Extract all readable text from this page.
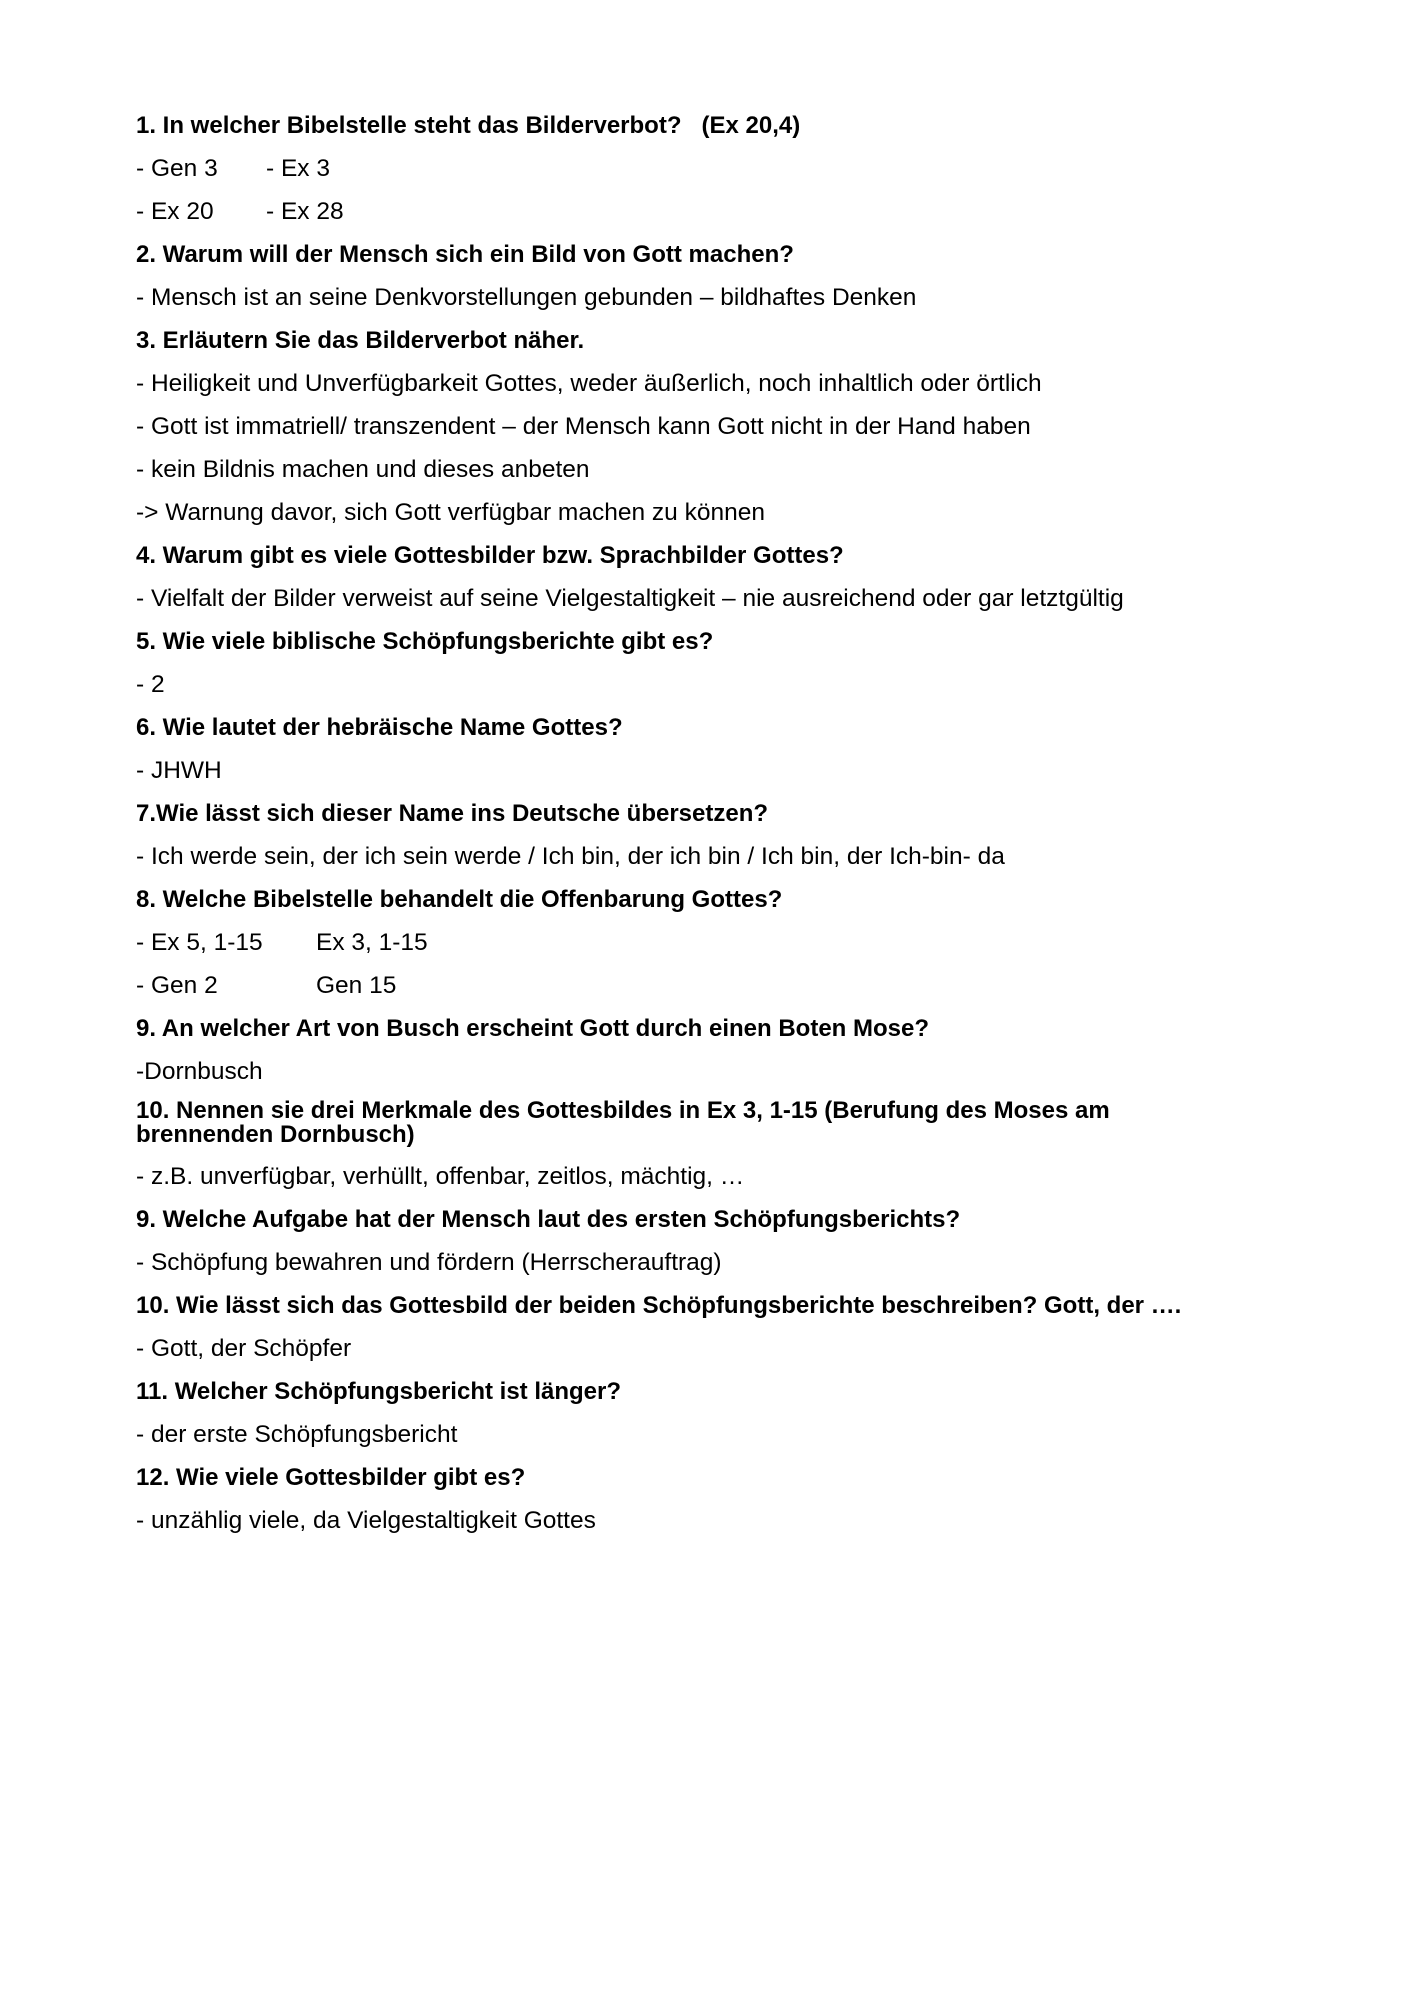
1. In welcher Bibelstelle steht das Bilderverbot? (Ex 20,4)
- Gen 3	- Ex 3
- Ex 20	- Ex 28
2. Warum will der Mensch sich ein Bild von Gott machen?
- Mensch ist an seine Denkvorstellungen gebunden – bildhaftes Denken
3. Erläutern Sie das Bilderverbot näher.
- Heiligkeit und Unverfügbarkeit Gottes, weder äußerlich, noch inhaltlich oder örtlich
- Gott ist immatriell/ transzendent – der Mensch kann Gott nicht in der Hand haben
- kein Bildnis machen und dieses anbeten
-> Warnung davor, sich Gott verfügbar machen zu können
4. Warum gibt es viele Gottesbilder bzw. Sprachbilder Gottes?
- Vielfalt der Bilder verweist auf seine Vielgestaltigkeit – nie ausreichend oder gar letztgültig
5. Wie viele biblische Schöpfungsberichte gibt es?
- 2
6. Wie lautet der hebräische Name Gottes?
- JHWH
7.Wie lässt sich dieser Name ins Deutsche übersetzen?
- Ich werde sein, der ich sein werde / Ich bin, der ich bin / Ich bin, der Ich-bin- da
8. Welche Bibelstelle behandelt die Offenbarung Gottes?
- Ex 5, 1-15	Ex 3, 1-15
- Gen 2	Gen 15
9. An welcher Art von Busch erscheint Gott durch einen Boten Mose?
-Dornbusch
10. Nennen sie drei Merkmale des Gottesbildes in Ex 3, 1-15 (Berufung des Moses am
brennenden Dornbusch)
- z.B. unverfügbar, verhüllt, offenbar, zeitlos, mächtig, …
9. Welche Aufgabe hat der Mensch laut des ersten Schöpfungsberichts?
- Schöpfung bewahren und fördern (Herrscherauftrag)
10. Wie lässt sich das Gottesbild der beiden Schöpfungsberichte beschreiben? Gott, der ….
- Gott, der Schöpfer
11. Welcher Schöpfungsbericht ist länger?
- der erste Schöpfungsbericht
12. Wie viele Gottesbilder gibt es?
- unzählig viele, da Vielgestaltigkeit Gottes
